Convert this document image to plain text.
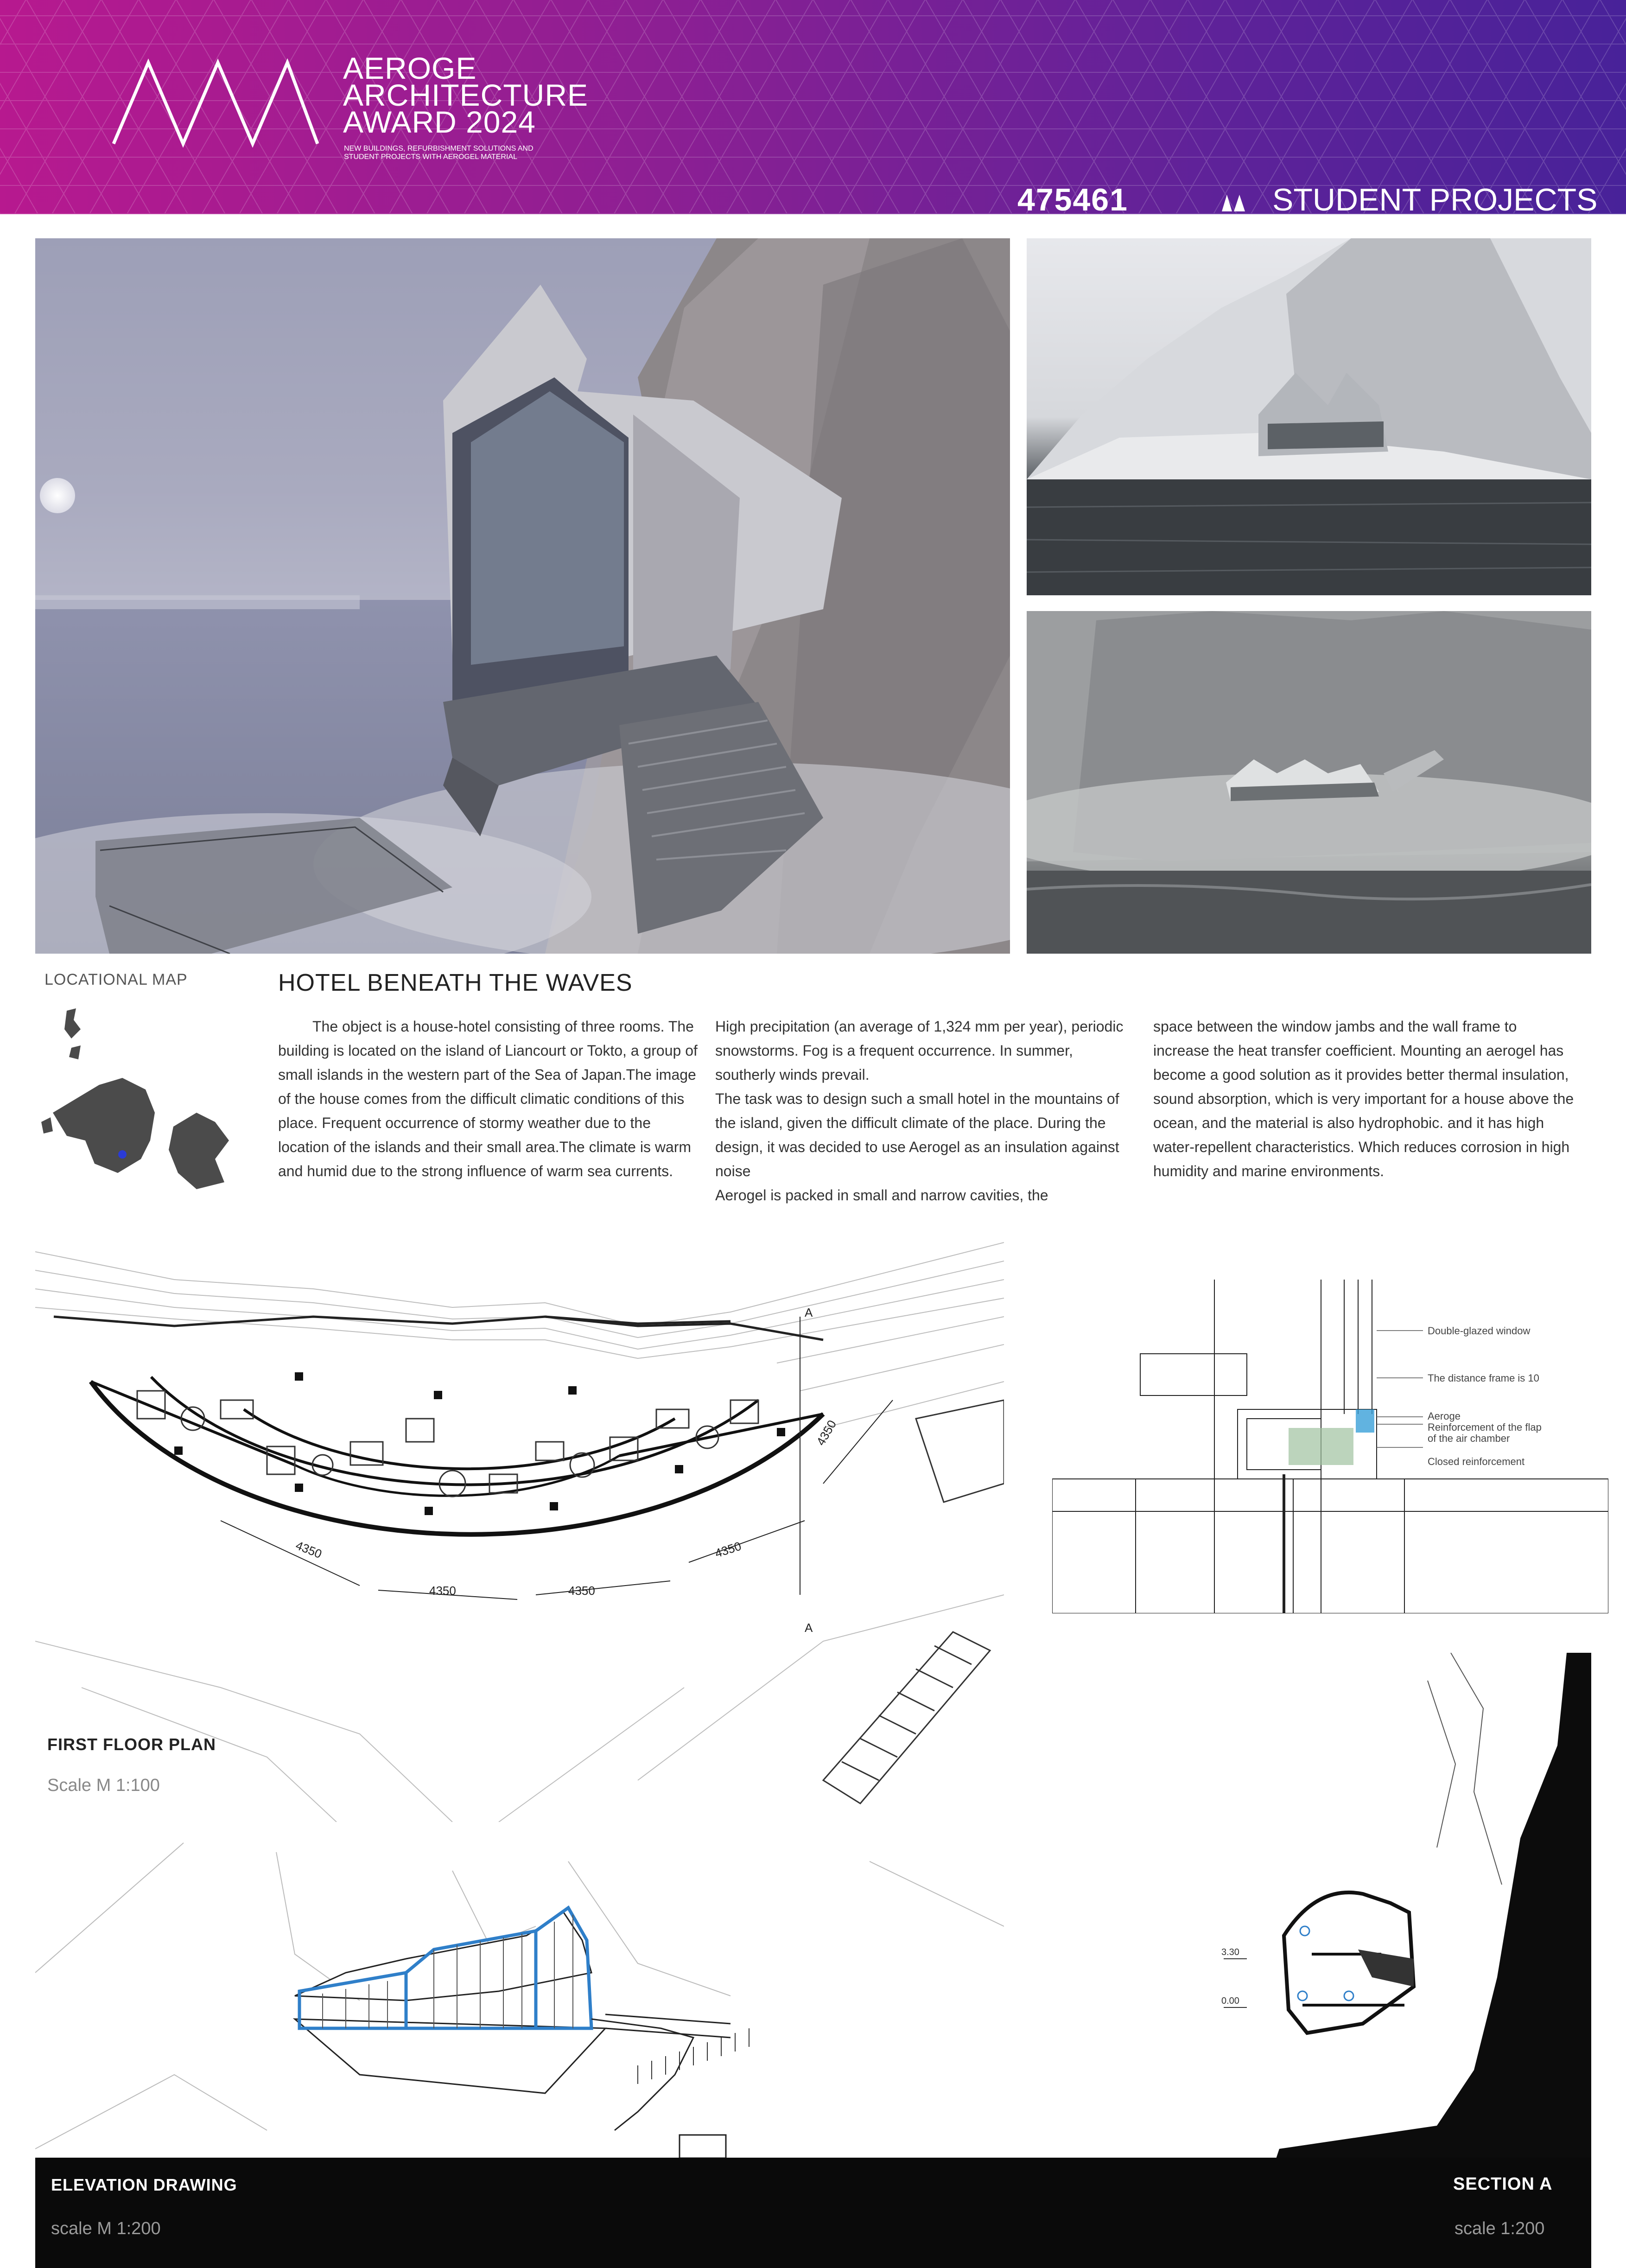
AEROGE
ARCHITECTURE
AWARD 2024
NEW BUILDINGS, REFURBISHMENT SOLUTIONS AND STUDENT PROJECTS WITH AEROGEL MATERIAL
475461	STUDENT PROJECTS
LOCATIONAL MAP	HOTEL BENEATH THE WAVES

The object is a house-hotel consisting of three rooms. The building is located on the island of Liancourt or Tokto, a group of small islands in the western part of the Sea of Japan.The image of the house comes from the difficult climatic conditions of this place. Frequent occurrence of stormy weather due to the location of the islands and their small area.The climate is warm and humid due to the strong influence of warm sea currents.

High precipitation (an average of 1,324 mm per year), periodic snowstorms. Fog is a frequent occurrence. In summer, southerly winds prevail.

The task was to design such a small hotel in the mountains of the island, given the difficult climate of the place. During the design, it was decided to use Aerogel as an insulation against noise

Aerogel is packed in small and narrow cavities, the

space between the window jambs and the wall frame to increase the heat transfer coefficient. Mounting an aerogel has become a good solution as it provides better thermal insulation, sound absorption, which is very important for a house above the ocean, and the material is also hydrophobic. and it has high water-repellent characteristics. Which reduces corrosion in high humidity and marine environments.

4350
4350	4350
4350
4350
A
A
FIRST FLOOR PLAN
Scale M 1:100
Double-glazed window
The distance frame is 10
Aeroge
Reinforcement of the flap
of the air chamber
Closed reinforcement
3.30
0.00
ELEVATION DRAWING
scale M 1:200
SECTION A
scale 1:200
